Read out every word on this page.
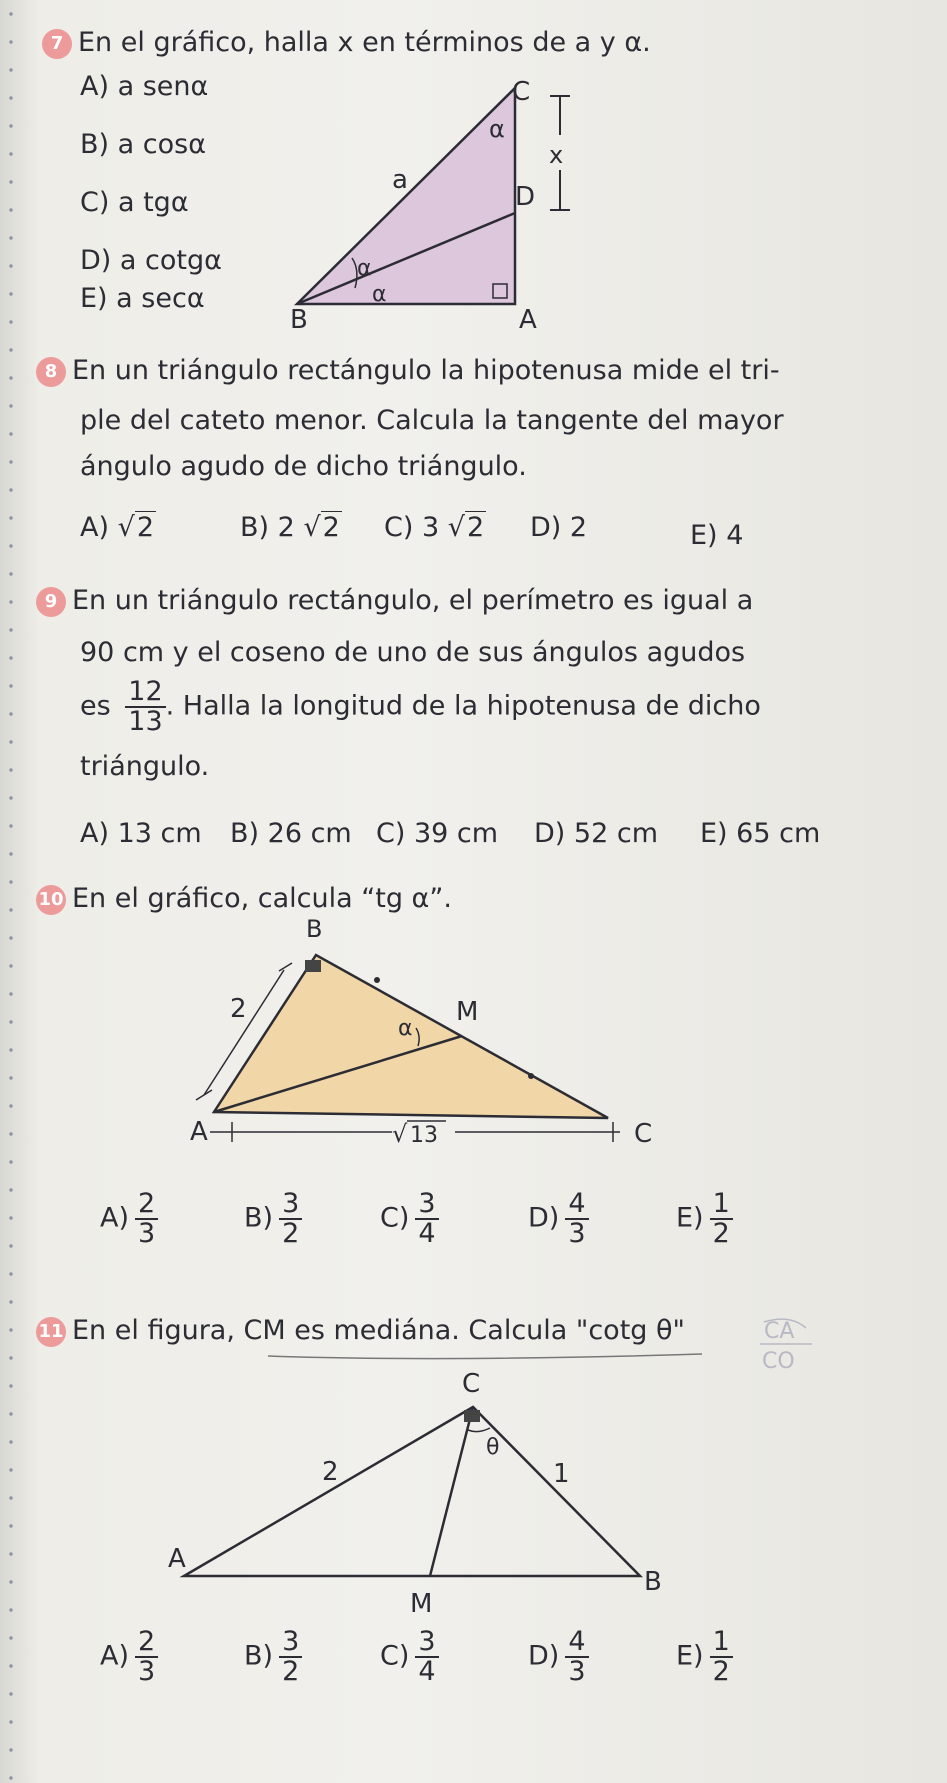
7 En el gráfico, halla x en términos de a y α.
A) a senα
B) a cosα
C) a tgα
D) a cotgα
E) a secα
C
α
x
a
D
α
α
B	A
8 En un triángulo rectángulo la hipotenusa mide el tri-
ple del cateto menor. Calcula la tangente del mayor
ángulo agudo de dicho triángulo.
A) √2	B) 2 √2 C) 3 √2 D) 2	E) 4
9 En un triángulo rectángulo, el perímetro es igual a
90 cm y el coseno de uno de sus ángulos agudos
es $\frac{12}{13}$ . Halla la longitud de la hipotenusa de dicho
triángulo.
A) 13 cm B) 26 cm C) 39 cm D) 52 cm E) 65 cm
10 En el gráfico, calcula “tg α”.
B
2
α
M
A	C
√ 13
$A) \frac{2}{3}$	$B) \frac{3}{2}$	$C) \frac{3}{4}$	$D) \frac{4}{3}$	$E) \frac{1}{2}$
11 En el figura, CM es mediána. Calcula "cotg θ"	CA
CO
C
θ
2	1
A
M
B
$A) \frac{2}{3}$	$B) \frac{3}{2}$	$C) \frac{3}{4}$	$D) \frac{4}{3}$	$E) \frac{1}{2}$
